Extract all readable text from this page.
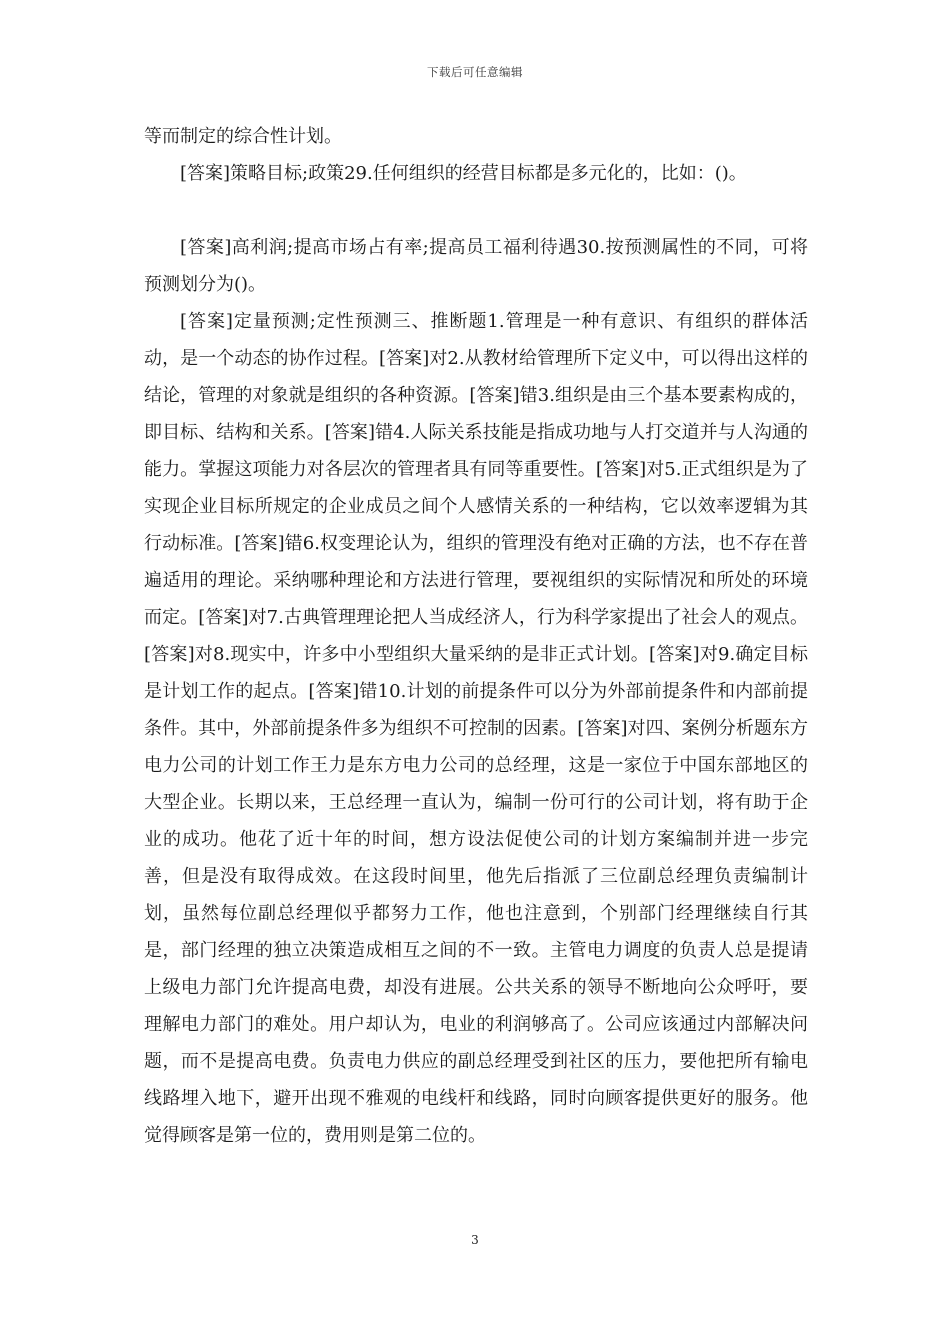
下载后可任意编辑

等而制定的综合性计划。

[答案]策略目标;政策29.任何组织的经营目标都是多元化的，比如：()。

[答案]高利润;提高市场占有率;提高员工福利待遇30.按预测属性的不同，可将预测划分为()。

[答案]定量预测;定性预测三、推断题1.管理是一种有意识、有组织的群体活动，是一个动态的协作过程。[答案]对2.从教材给管理所下定义中，可以得出这样的结论，管理的对象就是组织的各种资源。[答案]错3.组织是由三个基本要素构成的，即目标、结构和关系。[答案]错4.人际关系技能是指成功地与人打交道并与人沟通的能力。掌握这项能力对各层次的管理者具有同等重要性。[答案]对5.正式组织是为了实现企业目标所规定的企业成员之间个人感情关系的一种结构，它以效率逻辑为其行动标准。[答案]错6.权变理论认为，组织的管理没有绝对正确的方法，也不存在普遍适用的理论。采纳哪种理论和方法进行管理，要视组织的实际情况和所处的环境而定。[答案]对7.古典管理理论把人当成经济人，行为科学家提出了社会人的观点。[答案]对8.现实中，许多中小型组织大量采纳的是非正式计划。[答案]对9.确定目标是计划工作的起点。[答案]错10.计划的前提条件可以分为外部前提条件和内部前提条件。其中，外部前提条件多为组织不可控制的因素。[答案]对四、案例分析题东方电力公司的计划工作王力是东方电力公司的总经理，这是一家位于中国东部地区的大型企业。长期以来，王总经理一直认为，编制一份可行的公司计划，将有助于企业的成功。他花了近十年的时间，想方设法促使公司的计划方案编制并进一步完善，但是没有取得成效。在这段时间里，他先后指派了三位副总经理负责编制计划，虽然每位副总经理似乎都努力工作，他也注意到，个别部门经理继续自行其是，部门经理的独立决策造成相互之间的不一致。主管电力调度的负责人总是提请上级电力部门允许提高电费，却没有进展。公共关系的领导不断地向公众呼吁，要理解电力部门的难处。用户却认为，电业的利润够高了。公司应该通过内部解决问题，而不是提高电费。负责电力供应的副总经理受到社区的压力，要他把所有输电线路埋入地下，避开出现不雅观的电线杆和线路，同时向顾客提供更好的服务。他觉得顾客是第一位的，费用则是第二位的。

3
